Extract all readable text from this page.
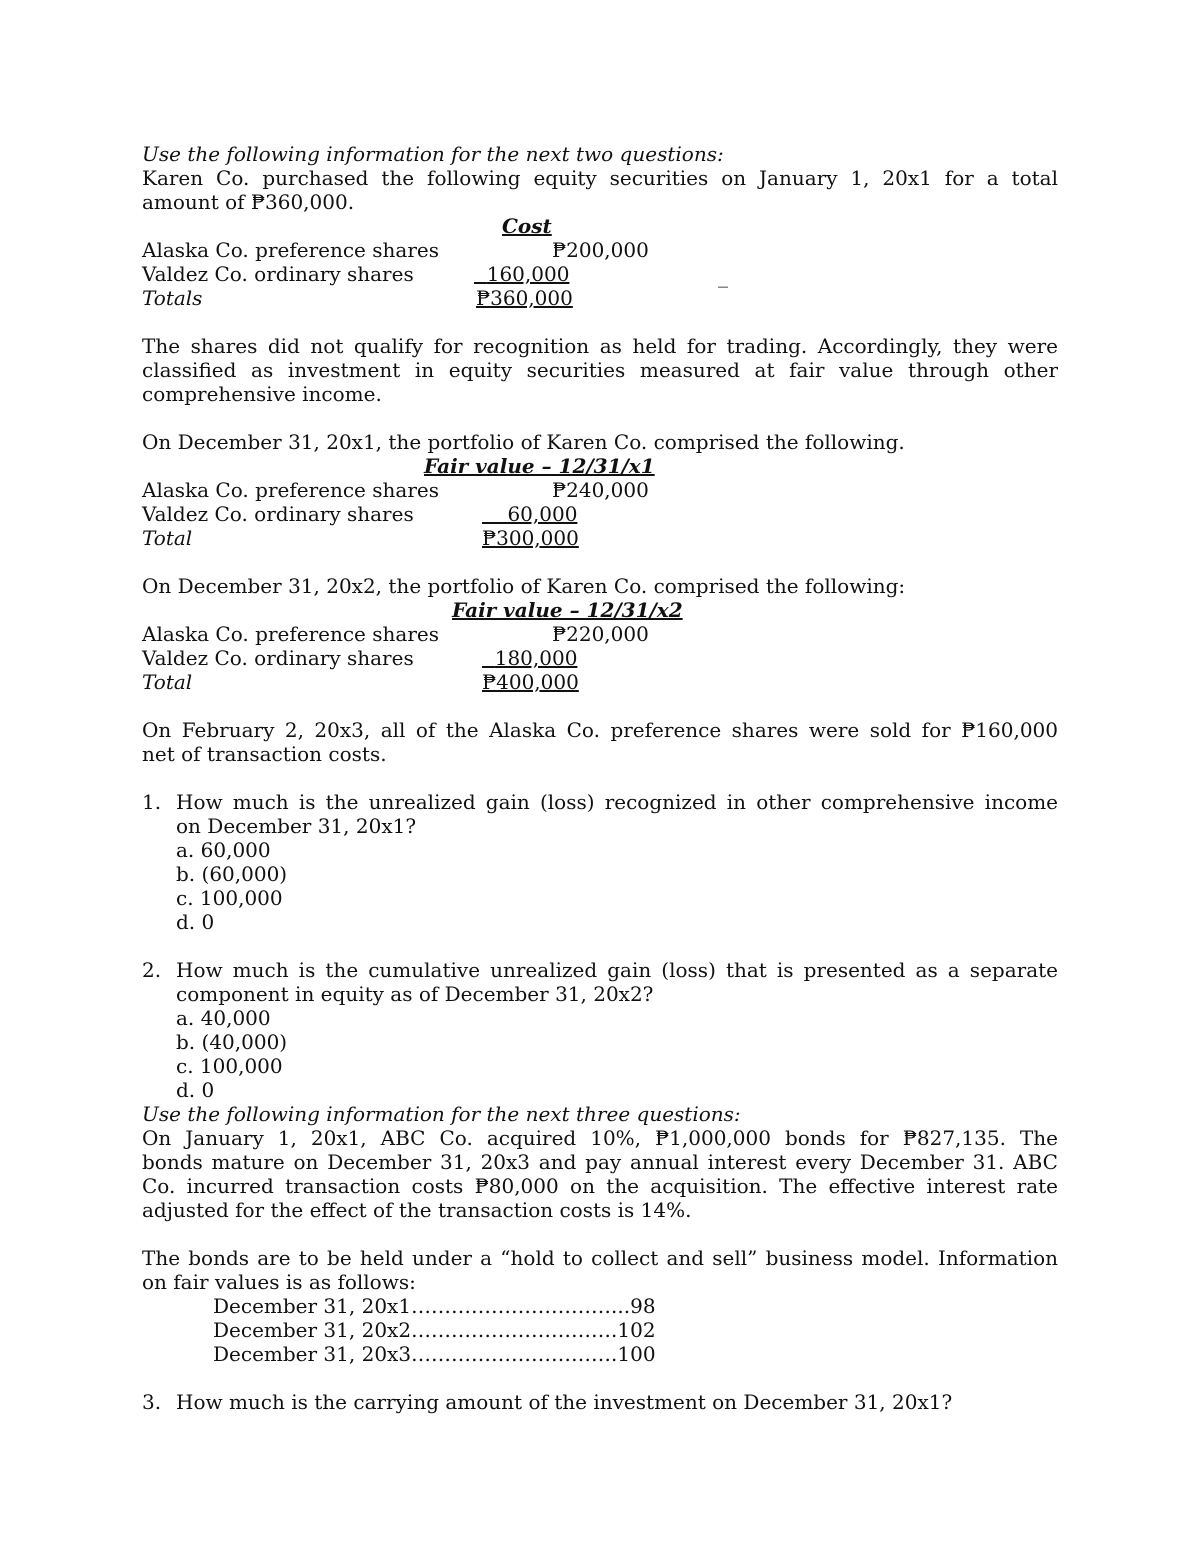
Use the following information for the next two questions:
Karen Co. purchased the following equity securities on January 1, 20x1 for a total
amount of ₱360,000.
Cost
Alaska Co. preference shares	₱200,000
Valdez Co. ordinary shares	160,000	_
Totals	₱360,000
The shares did not qualify for recognition as held for trading. Accordingly, they were
classified as investment in equity securities measured at fair value through other
comprehensive income.
On December 31, 20x1, the portfolio of Karen Co. comprised the following.
Fair value – 12/31/x1
Alaska Co. preference shares	₱240,000
Valdez Co. ordinary shares	60,000
Total	₱300,000
On December 31, 20x2, the portfolio of Karen Co. comprised the following:
Fair value – 12/31/x2
Alaska Co. preference shares	₱220,000
Valdez Co. ordinary shares	180,000
Total	₱400,000
On February 2, 20x3, all of the Alaska Co. preference shares were sold for ₱160,000
net of transaction costs.
1. How much is the unrealized gain (loss) recognized in other comprehensive income
on December 31, 20x1?
a. 60,000
b. (60,000)
c. 100,000
d. 0
2. How much is the cumulative unrealized gain (loss) that is presented as a separate
component in equity as of December 31, 20x2?
a. 40,000
b. (40,000)
c. 100,000
d. 0
Use the following information for the next three questions:
On January 1, 20x1, ABC Co. acquired 10%, ₱1,000,000 bonds for ₱827,135. The
bonds mature on December 31, 20x3 and pay annual interest every December 31. ABC
Co. incurred transaction costs ₱80,000 on the acquisition. The effective interest rate
adjusted for the effect of the transaction costs is 14%.
The bonds are to be held under a “hold to collect and sell” business model. Information
on fair values is as follows:
December 31, 20x1…………………………...98
December 31, 20x2………………………….102
December 31, 20x3………………………….100
3. How much is the carrying amount of the investment on December 31, 20x1?
